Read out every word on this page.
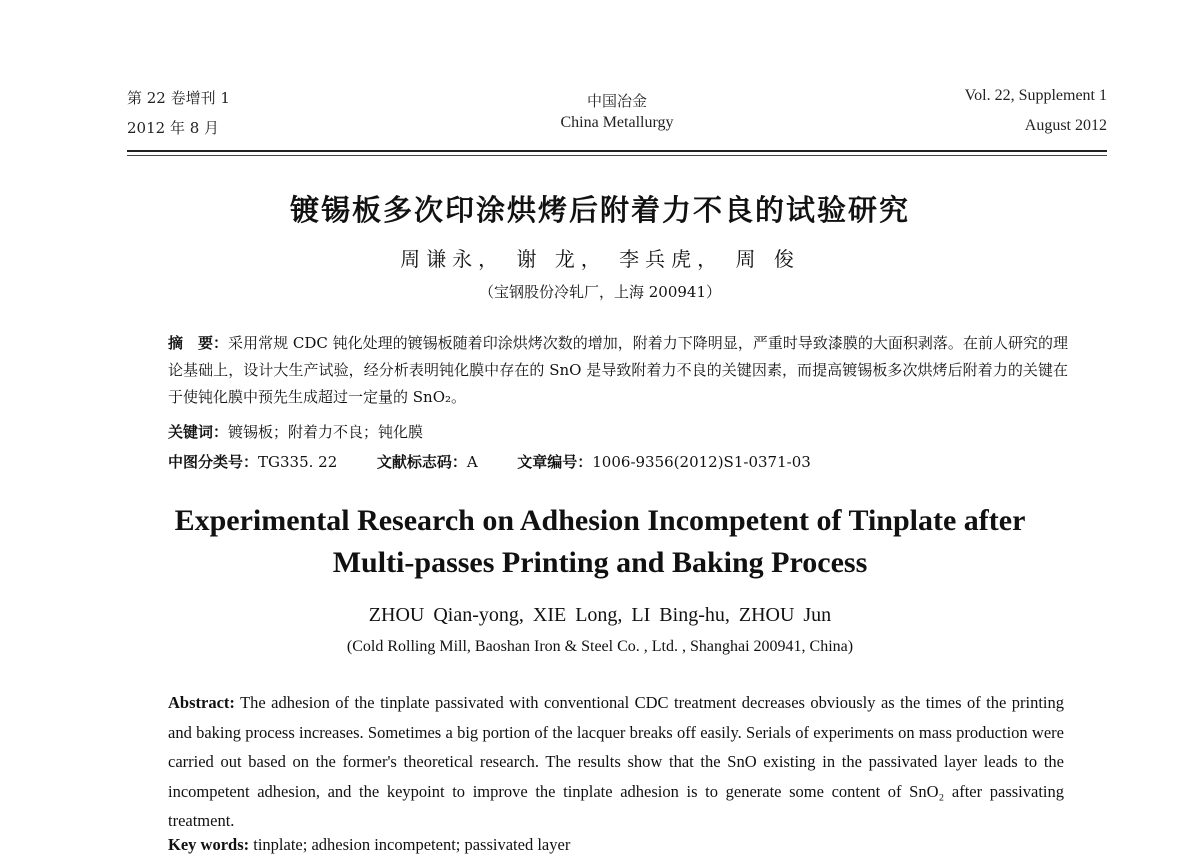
第 22 卷增刊 1
2012 年 8 月
中国冶金
China Metallurgy
Vol. 22, Supplement 1
August 2012
镀锡板多次印涂烘烤后附着力不良的试验研究
周谦永， 谢 龙， 李兵虎， 周 俊
（宝钢股份冷轧厂，上海 200941）
摘　要：采用常规 CDC 钝化处理的镀锡板随着印涂烘烤次数的增加，附着力下降明显，严重时导致漆膜的大面积剥落。在前人研究的理论基础上，设计大生产试验，经分析表明钝化膜中存在的 SnO 是导致附着力不良的关键因素，而提高镀锡板多次烘烤后附着力的关键在于使钝化膜中预先生成超过一定量的 SnO₂。
关键词：镀锡板；附着力不良；钝化膜
中图分类号：TG335. 22	文献标志码：A	文章编号：1006-9356(2012)S1-0371-03
Experimental Research on Adhesion Incompetent of Tinplate after
Multi-passes Printing and Baking Process
ZHOU Qian-yong, XIE Long, LI Bing-hu, ZHOU Jun
(Cold Rolling Mill, Baoshan Iron & Steel Co. , Ltd. , Shanghai 200941, China)
Abstract: The adhesion of the tinplate passivated with conventional CDC treatment decreases obviously as the times of the printing and baking process increases. Sometimes a big portion of the lacquer breaks off easily. Serials of experiments on mass production were carried out based on the former's theoretical research. The results show that the SnO existing in the passivated layer leads to the incompetent adhesion, and the keypoint to improve the tinplate adhesion is to generate some content of SnO₂ after passivating treatment.
Key words: tinplate; adhesion incompetent; passivated layer
